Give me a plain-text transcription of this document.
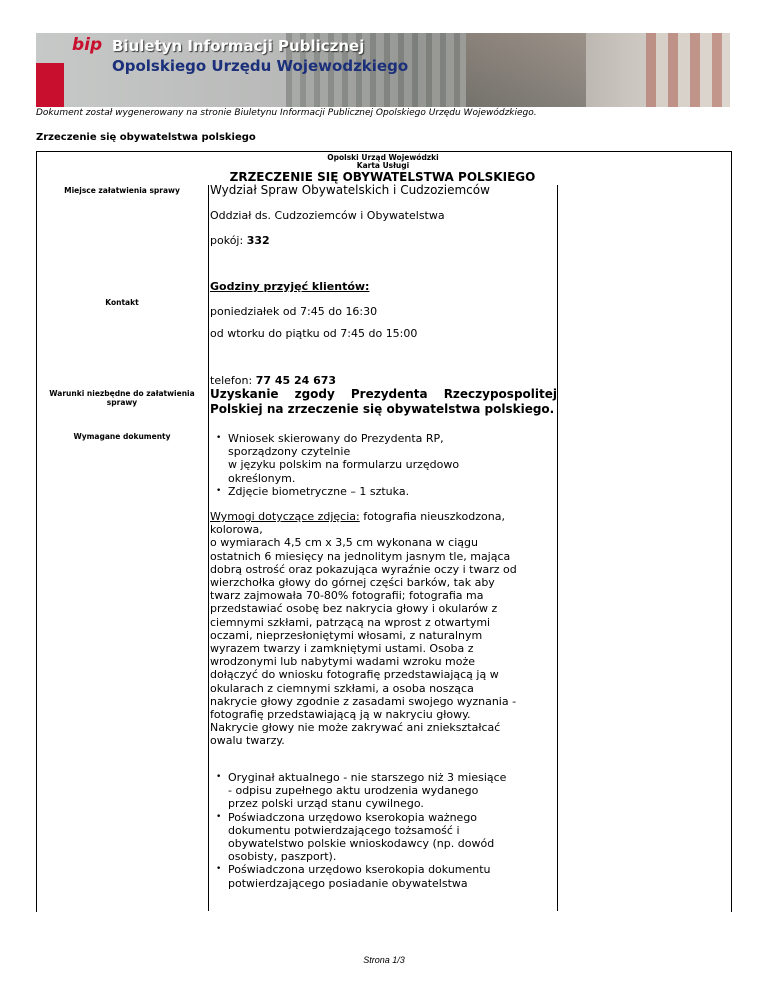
bip Biuletyn Informacji Publicznej
Opolskiego Urzędu Wojewodzkiego
Dokument został wygenerowany na stronie Biuletynu Informacji Publicznej Opolskiego Urzędu Wojewódzkiego.
Zrzeczenie się obywatelstwa polskiego
Opolski Urząd Wojewódzki
Karta Usługi
ZRZECZENIE SIĘ OBYWATELSTWA POLSKIEGO
Miejsce załatwienia sprawy
Kontakt
Warunki niezbędne do załatwienia sprawy
Wymagane dokumenty
Wydział Spraw Obywatelskich i Cudzoziemców
Oddział ds. Cudzoziemców i Obywatelstwa
pokój: 332
Godziny przyjęć klientów:
poniedziałek od 7:45 do 16:30
od wtorku do piątku od 7:45 do 15:00
telefon: 77 45 24 673
Uzyskanie zgody Prezydenta Rzeczypospolitej Polskiej na zrzeczenie się obywatelstwa polskiego.
• Wniosek skierowany do Prezydenta RP,
sporządzony czytelnie
w języku polskim na formularzu urzędowo
określonym.
• Zdjęcie biometryczne – 1 sztuka.
Wymogi dotyczące zdjęcia: fotografia nieuszkodzona,
kolorowa,
o wymiarach 4,5 cm x 3,5 cm wykonana w ciągu
ostatnich 6 miesięcy na jednolitym jasnym tle, mająca
dobrą ostrość oraz pokazująca wyraźnie oczy i twarz od
wierzchołka głowy do górnej części barków, tak aby
twarz zajmowała 70-80% fotografii; fotografia ma
przedstawiać osobę bez nakrycia głowy i okularów z
ciemnymi szkłami, patrzącą na wprost z otwartymi
oczami, nieprzesłoniętymi włosami, z naturalnym
wyrazem twarzy i zamkniętymi ustami. Osoba z
wrodzonymi lub nabytymi wadami wzroku może
dołączyć do wniosku fotografię przedstawiającą ją w
okularach z ciemnymi szkłami, a osoba nosząca
nakrycie głowy zgodnie z zasadami swojego wyznania -
fotografię przedstawiającą ją w nakryciu głowy.
Nakrycie głowy nie może zakrywać ani zniekształcać
owalu twarzy.
• Oryginał aktualnego - nie starszego niż 3 miesiące
- odpisu zupełnego aktu urodzenia wydanego
przez polski urząd stanu cywilnego.
• Poświadczona urzędowo kserokopia ważnego
dokumentu potwierdzającego tożsamość i
obywatelstwo polskie wnioskodawcy (np. dowód
osobisty, paszport).
• Poświadczona urzędowo kserokopia dokumentu
potwierdzającego posiadanie obywatelstwa
Strona 1/3
